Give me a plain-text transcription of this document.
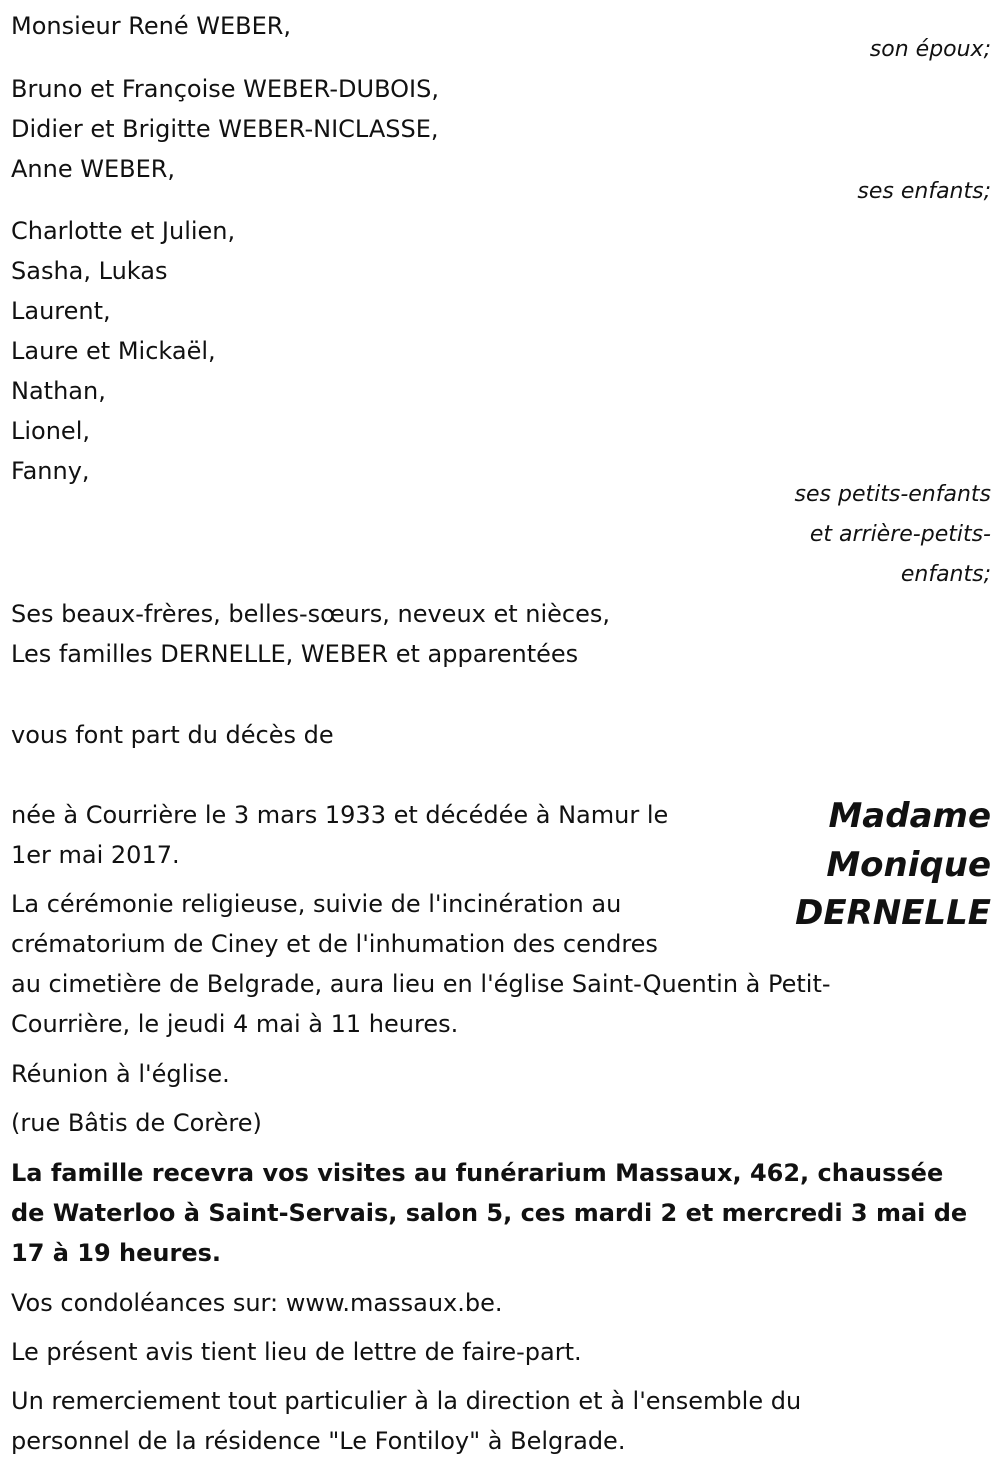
Monsieur René WEBER,
son époux;
Bruno et Françoise WEBER-DUBOIS,
Didier et Brigitte WEBER-NICLASSE,
Anne WEBER,
ses enfants;
Charlotte et Julien,
Sasha, Lukas
Laurent,
Laure et Mickaël,
Nathan,
Lionel,
Fanny,
ses petits-enfants
et arrière-petits-
enfants;
Ses beaux-frères, belles-sœurs, neveux et nièces,
Les familles DERNELLE, WEBER et apparentées
vous font part du décès de
Madame
Monique
DERNELLE
née à Courrière le 3 mars 1933 et décédée à Namur le
1er mai 2017.
La cérémonie religieuse, suivie de l'incinération au
crématorium de Ciney et de l'inhumation des cendres
au cimetière de Belgrade, aura lieu en l'église Saint-Quentin à Petit-
Courrière, le jeudi 4 mai à 11 heures.
Réunion à l'église.
(rue Bâtis de Corère)
La famille recevra vos visites au funérarium Massaux, 462, chaussée
de Waterloo à Saint-Servais, salon 5, ces mardi 2 et mercredi 3 mai de
17 à 19 heures.
Vos condoléances sur: www.massaux.be.
Le présent avis tient lieu de lettre de faire-part.
Un remerciement tout particulier à la direction et à l'ensemble du
personnel de la résidence "Le Fontiloy" à Belgrade.
